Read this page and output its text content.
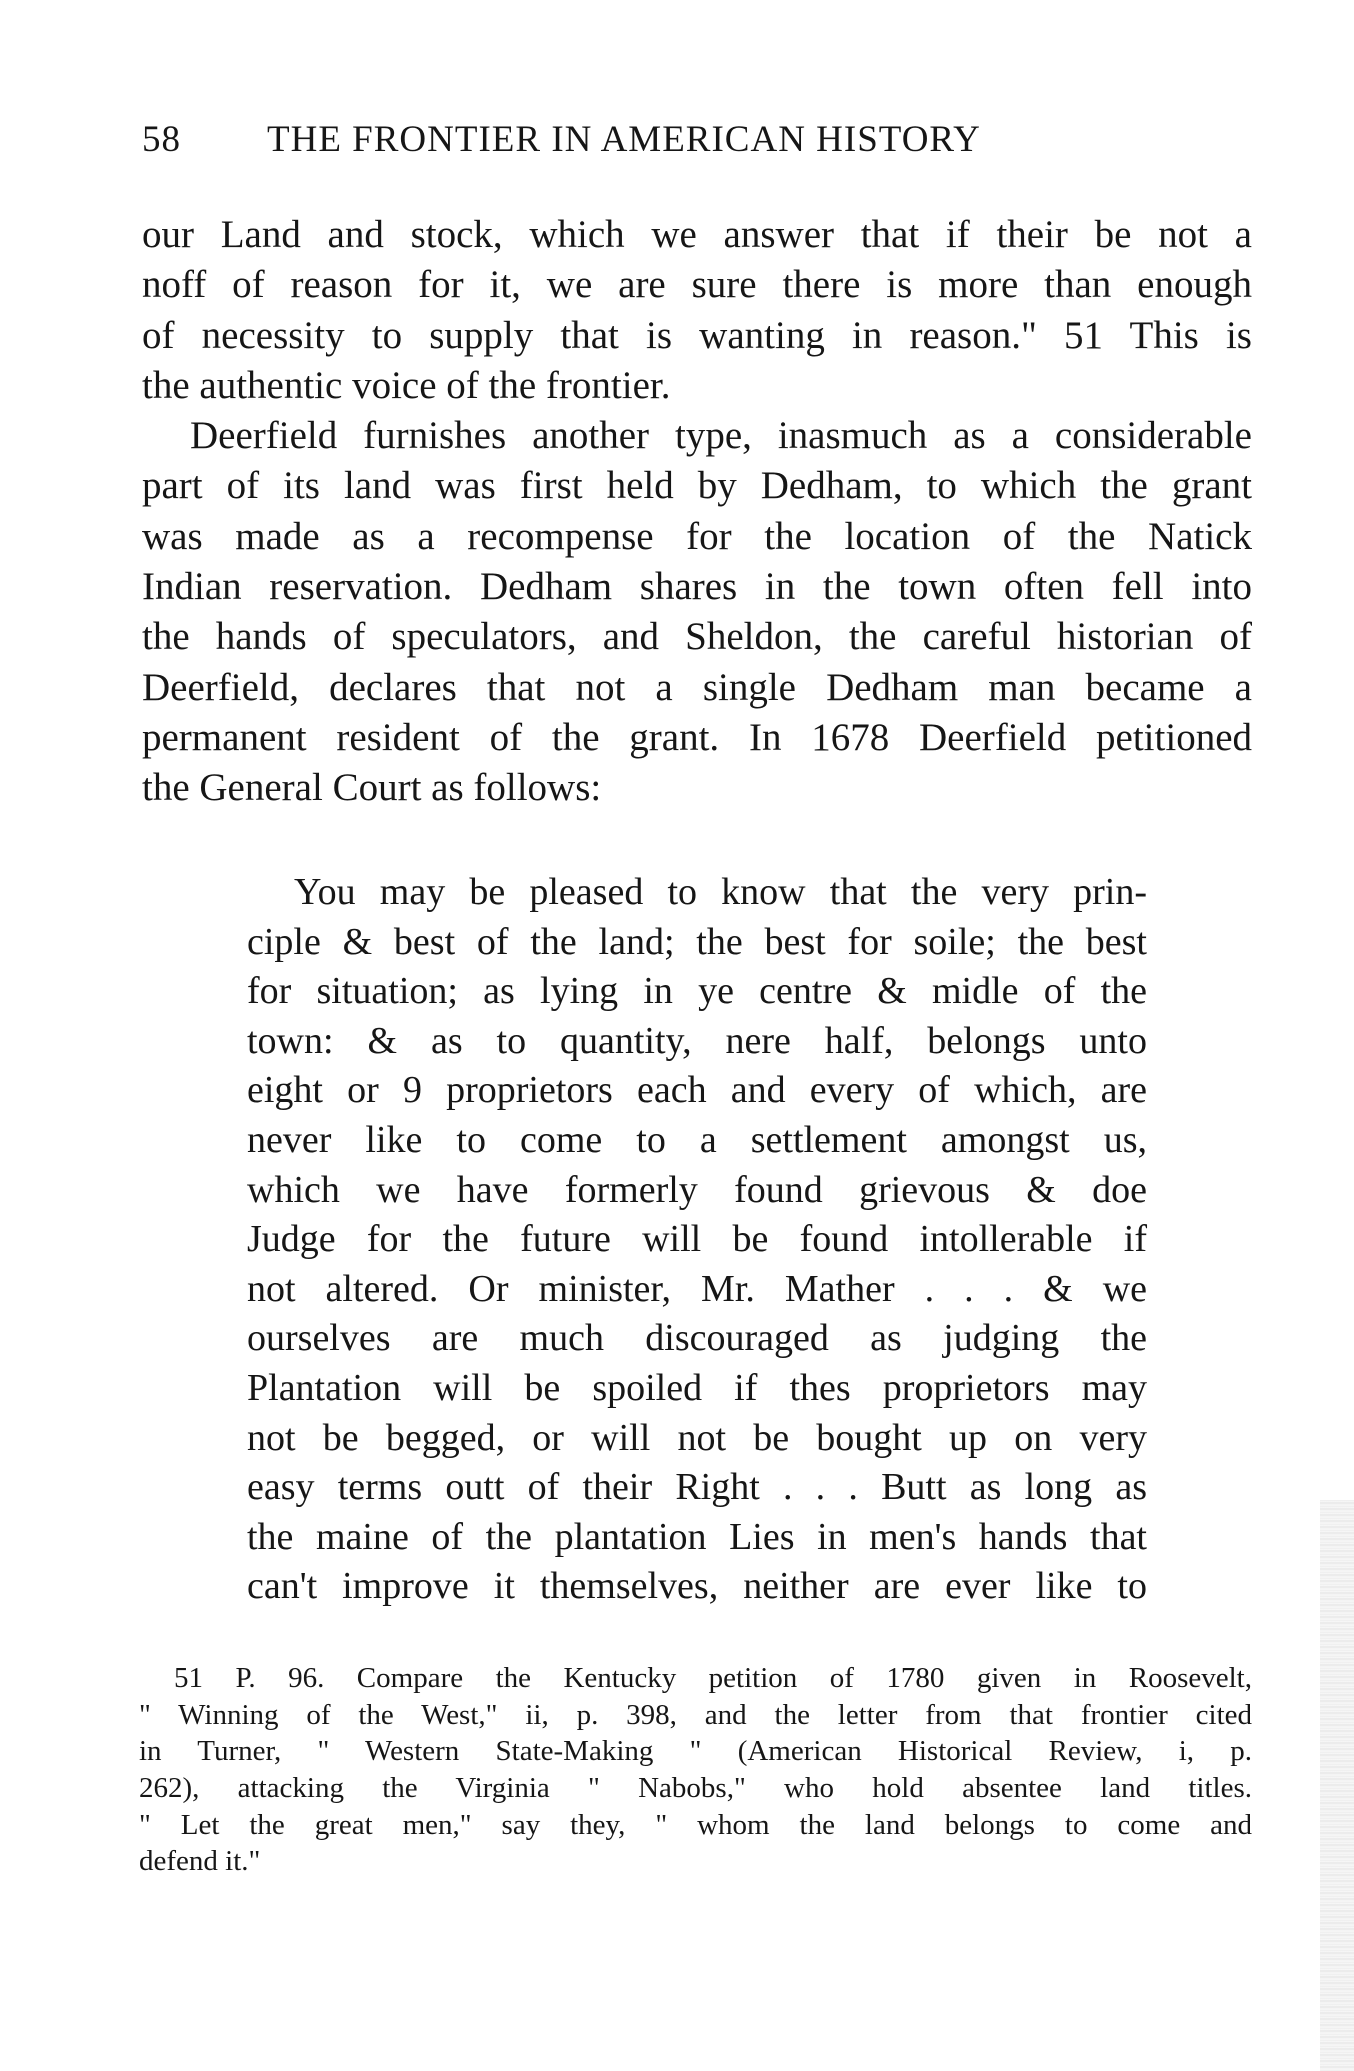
58 THE FRONTIER IN AMERICAN HISTORY
our Land and stock, which we answer that if their be not a
noff of reason for it, we are sure there is more than enough
of necessity to supply that is wanting in reason." 51 This is
the authentic voice of the frontier.
Deerfield furnishes another type, inasmuch as a considerable
part of its land was first held by Dedham, to which the grant
was made as a recompense for the location of the Natick
Indian reservation. Dedham shares in the town often fell into
the hands of speculators, and Sheldon, the careful historian of
Deerfield, declares that not a single Dedham man became a
permanent resident of the grant. In 1678 Deerfield petitioned
the General Court as follows:
You may be pleased to know that the very prin-
ciple & best of the land; the best for soile; the best
for situation; as lying in ye centre & midle of the
town: & as to quantity, nere half, belongs unto
eight or 9 proprietors each and every of which, are
never like to come to a settlement amongst us,
which we have formerly found grievous & doe
Judge for the future will be found intollerable if
not altered. Or minister, Mr. Mather . . . & we
ourselves are much discouraged as judging the
Plantation will be spoiled if thes proprietors may
not be begged, or will not be bought up on very
easy terms outt of their Right . . . Butt as long as
the maine of the plantation Lies in men's hands that
can't improve it themselves, neither are ever like to
51 P. 96. Compare the Kentucky petition of 1780 given in Roosevelt,
" Winning of the West," ii, p. 398, and the letter from that frontier cited
in Turner, " Western State-Making " (American Historical Review, i, p.
262), attacking the Virginia " Nabobs," who hold absentee land titles.
" Let the great men," say they, " whom the land belongs to come and
defend it."
